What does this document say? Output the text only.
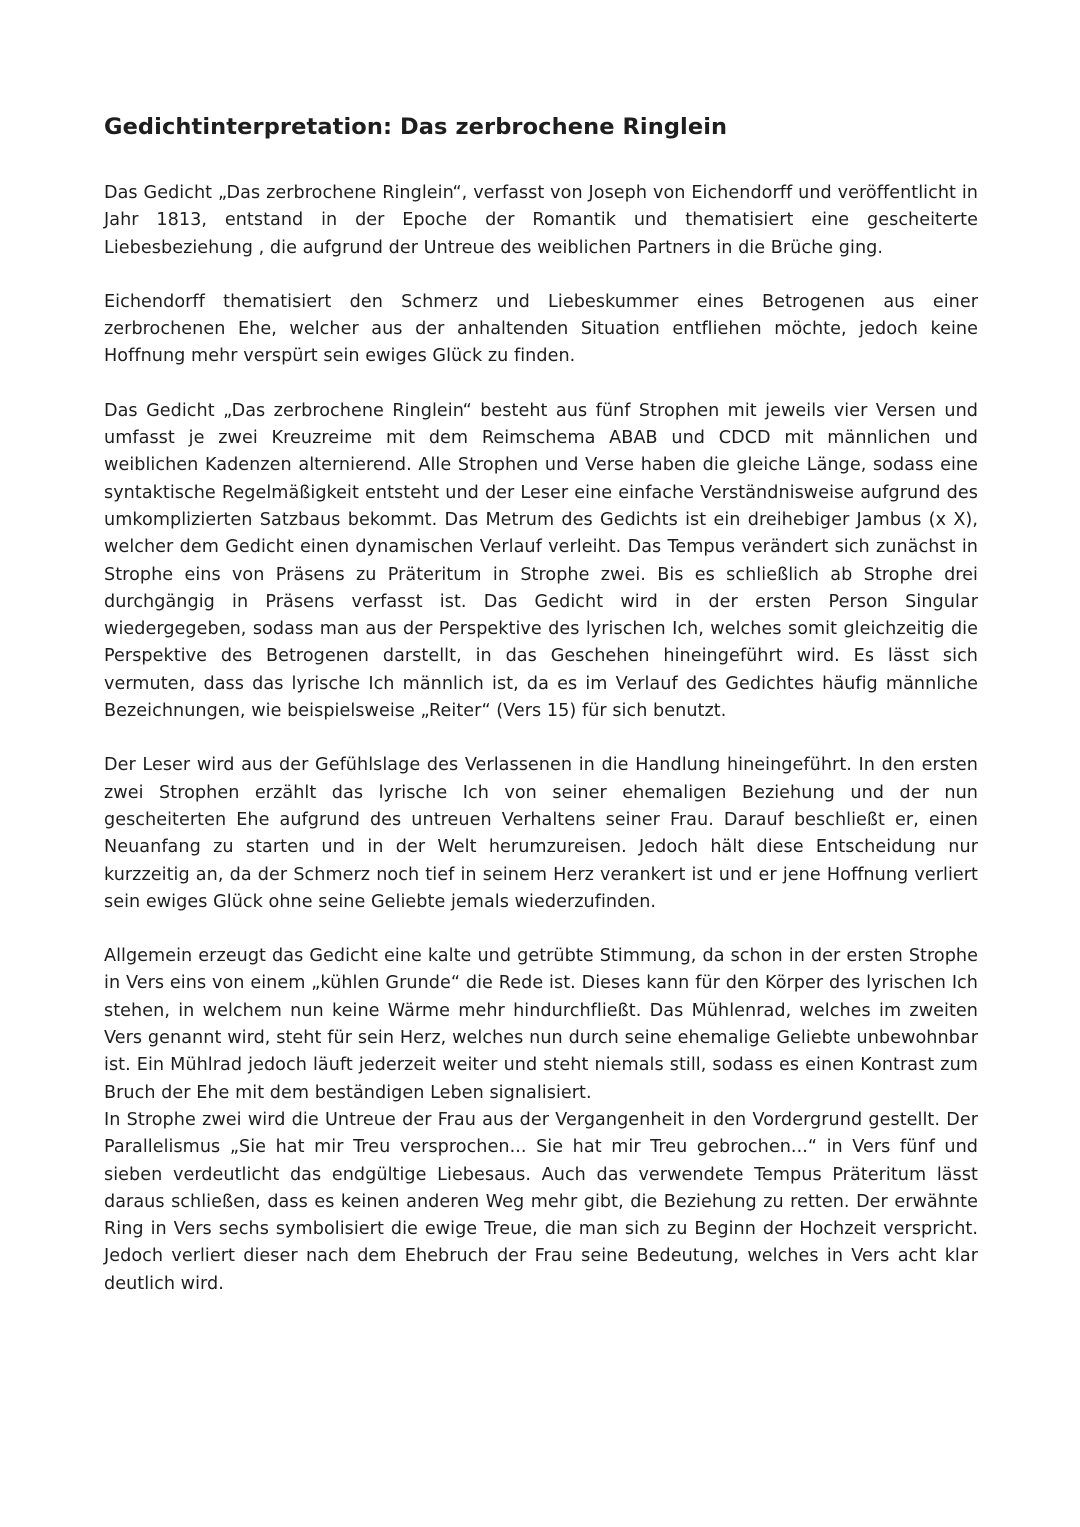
Gedichtinterpretation: Das zerbrochene Ringlein

Das Gedicht „Das zerbrochene Ringlein“, verfasst von Joseph von Eichendorff und veröffentlicht in Jahr 1813, entstand in der Epoche der Romantik und thematisiert eine gescheiterte Liebesbeziehung , die aufgrund der Untreue des weiblichen Partners in die Brüche ging.

Eichendorff thematisiert den Schmerz und Liebeskummer eines Betrogenen aus einer zerbrochenen Ehe, welcher aus der anhaltenden Situation entfliehen möchte, jedoch keine Hoffnung mehr verspürt sein ewiges Glück zu finden.

Das Gedicht „Das zerbrochene Ringlein“ besteht aus fünf Strophen mit jeweils vier Versen und umfasst je zwei Kreuzreime mit dem Reimschema ABAB und CDCD mit männlichen und weiblichen Kadenzen alternierend. Alle Strophen und Verse haben die gleiche Länge, sodass eine syntaktische Regelmäßigkeit entsteht und der Leser eine einfache Verständnisweise aufgrund des umkomplizierten Satzbaus bekommt. Das Metrum des Gedichts ist ein dreihebiger Jambus (x X), welcher dem Gedicht einen dynamischen Verlauf verleiht. Das Tempus verändert sich zunächst in Strophe eins von Präsens zu Präteritum in Strophe zwei. Bis es schließlich ab Strophe drei durchgängig in Präsens verfasst ist. Das Gedicht wird in der ersten Person Singular wiedergegeben, sodass man aus der Perspektive des lyrischen Ich, welches somit gleichzeitig die Perspektive des Betrogenen darstellt, in das Geschehen hineingeführt wird. Es lässt sich vermuten, dass das lyrische Ich männlich ist, da es im Verlauf des Gedichtes häufig männliche Bezeichnungen, wie beispielsweise „Reiter“ (Vers 15) für sich benutzt.

Der Leser wird aus der Gefühlslage des Verlassenen in die Handlung hineingeführt. In den ersten zwei Strophen erzählt das lyrische Ich von seiner ehemaligen Beziehung und der nun gescheiterten Ehe aufgrund des untreuen Verhaltens seiner Frau. Darauf beschließt er, einen Neuanfang zu starten und in der Welt herumzureisen. Jedoch hält diese Entscheidung nur kurzzeitig an, da der Schmerz noch tief in seinem Herz verankert ist und er jene Hoffnung verliert sein ewiges Glück ohne seine Geliebte jemals wiederzufinden.

Allgemein erzeugt das Gedicht eine kalte und getrübte Stimmung, da schon in der ersten Strophe in Vers eins von einem „kühlen Grunde“ die Rede ist. Dieses kann für den Körper des lyrischen Ich stehen, in welchem nun keine Wärme mehr hindurchfließt. Das Mühlenrad, welches im zweiten Vers genannt wird, steht für sein Herz, welches nun durch seine ehemalige Geliebte unbewohnbar ist. Ein Mühlrad jedoch läuft jederzeit weiter und steht niemals still, sodass es einen Kontrast zum Bruch der Ehe mit dem beständigen Leben signalisiert.

In Strophe zwei wird die Untreue der Frau aus der Vergangenheit in den Vordergrund gestellt. Der Parallelismus „Sie hat mir Treu versprochen... Sie hat mir Treu gebrochen...“ in Vers fünf und sieben verdeutlicht das endgültige Liebesaus. Auch das verwendete Tempus Präteritum lässt daraus schließen, dass es keinen anderen Weg mehr gibt, die Beziehung zu retten. Der erwähnte Ring in Vers sechs symbolisiert die ewige Treue, die man sich zu Beginn der Hochzeit verspricht. Jedoch verliert dieser nach dem Ehebruch der Frau seine Bedeutung, welches in Vers acht klar deutlich wird.
